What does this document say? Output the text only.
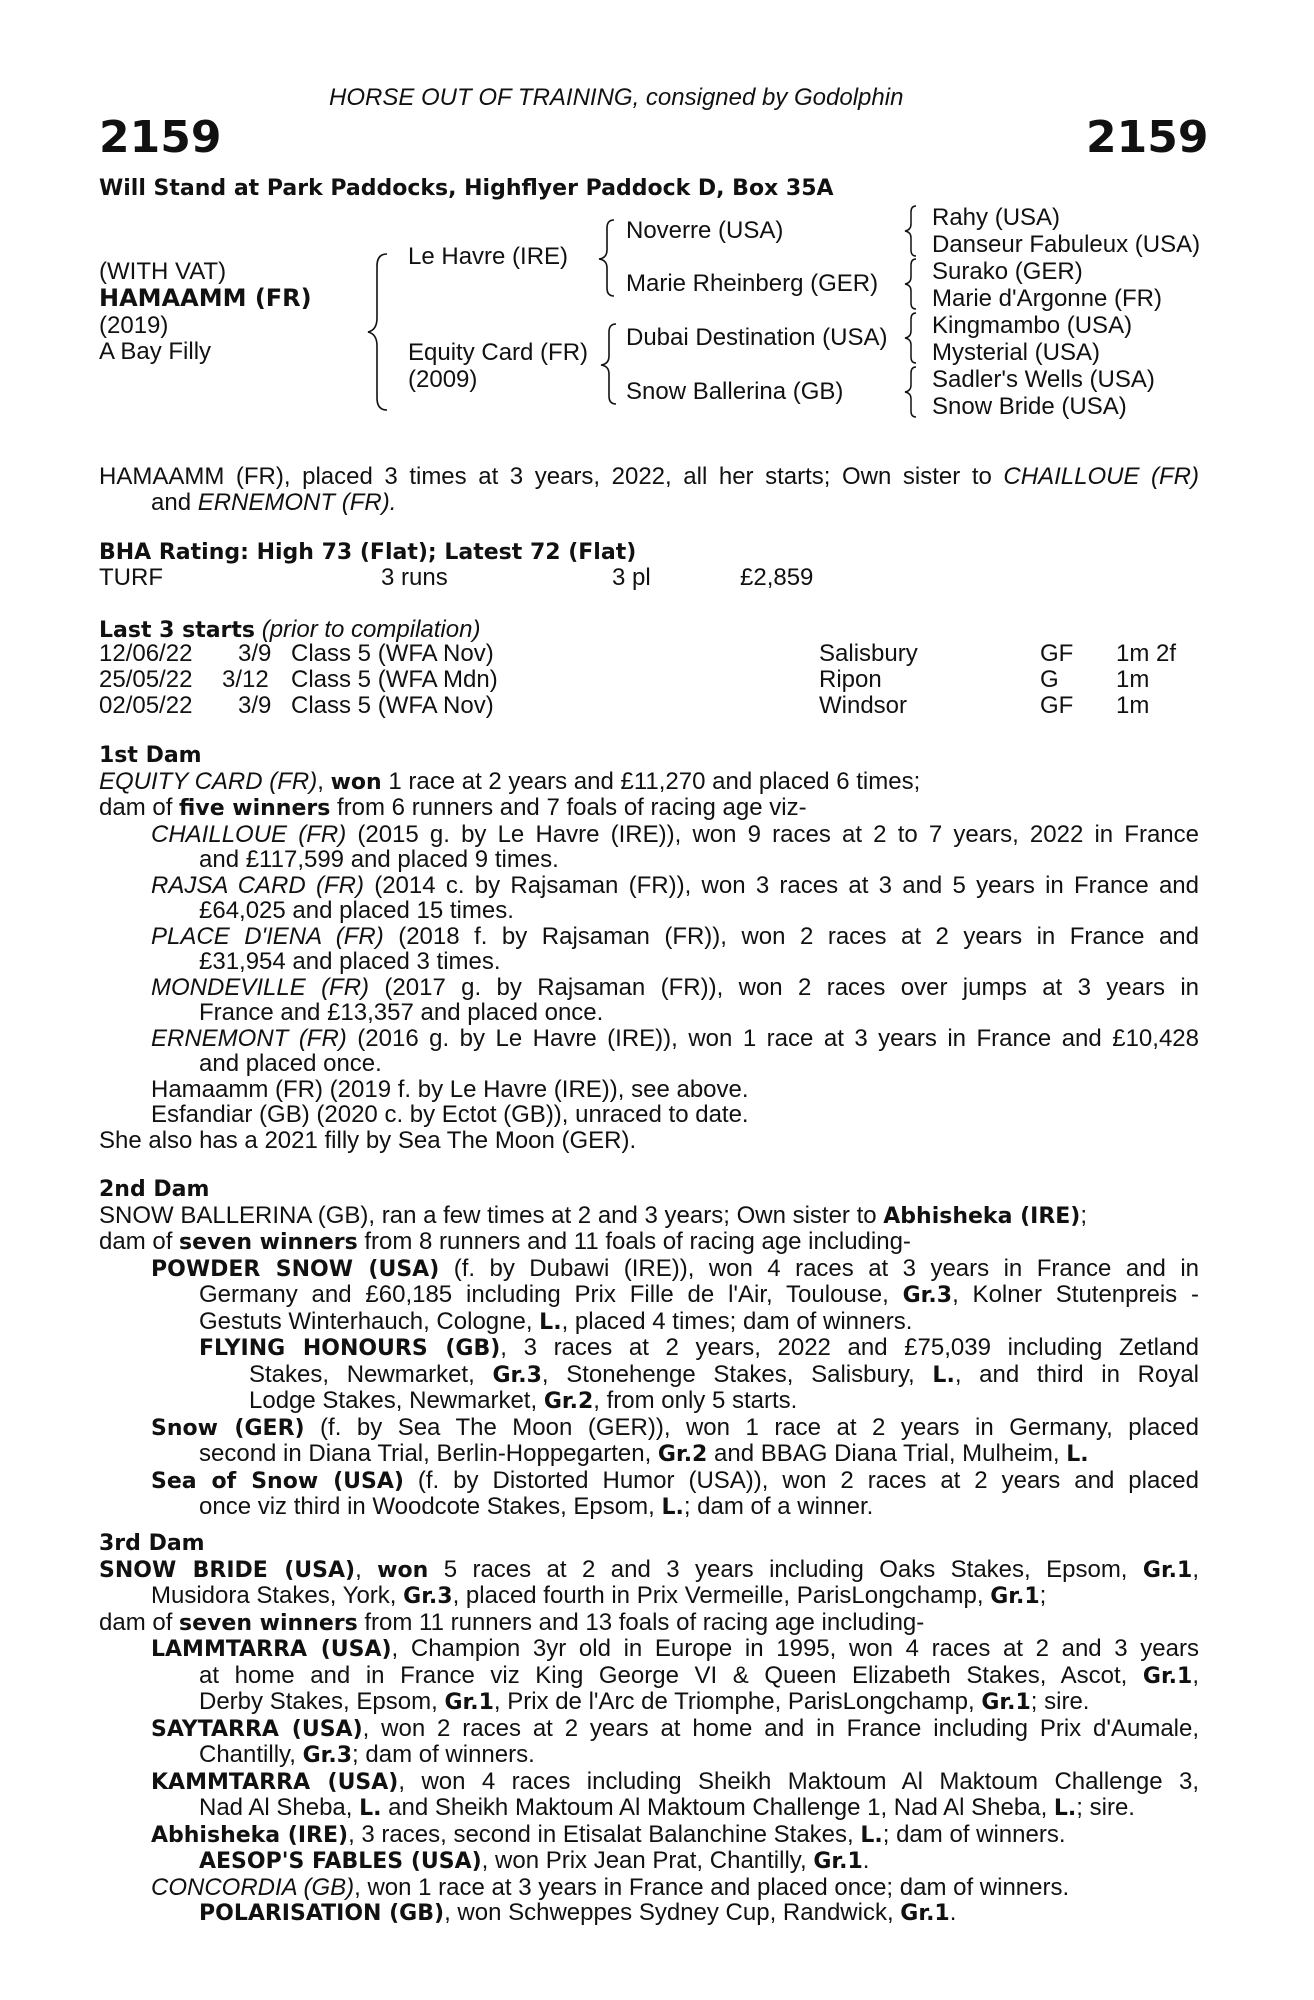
HORSE OUT OF TRAINING, consigned by Godolphin
2159	2159
Will Stand at Park Paddocks, Highflyer Paddock D, Box 35A
(WITH VAT)
HAMAAMM (FR)
(2019)
A Bay Filly
Le Havre (IRE)
Equity Card (FR)
(2009)
Noverre (USA)
Marie Rheinberg (GER)
Dubai Destination (USA)
Snow Ballerina (GB)
Rahy (USA)
Danseur Fabuleux (USA)
Surako (GER)
Marie d'Argonne (FR)
Kingmambo (USA)
Mysterial (USA)
Sadler's Wells (USA)
Snow Bride (USA)
HAMAAMM (FR), placed 3 times at 3 years, 2022, all her starts; Own sister to CHAILLOUE (FR)
and ERNEMONT (FR).
BHA Rating: High 73 (Flat); Latest 72 (Flat)
TURF	3 runs	3 pl	£2,859
Last 3 starts (prior to compilation)
12/06/22 3/9 Class 5 (WFA Nov)	Salisbury	GF 1m 2f
25/05/22 3/12 Class 5 (WFA Mdn)	Ripon	G 1m
02/05/22 3/9 Class 5 (WFA Nov)	Windsor	GF 1m
1st Dam
EQUITY CARD (FR), won 1 race at 2 years and £11,270 and placed 6 times;
dam of five winners from 6 runners and 7 foals of racing age viz-
CHAILLOUE (FR) (2015 g. by Le Havre (IRE)), won 9 races at 2 to 7 years, 2022 in France
and £117,599 and placed 9 times.
RAJSA CARD (FR) (2014 c. by Rajsaman (FR)), won 3 races at 3 and 5 years in France and
£64,025 and placed 15 times.
PLACE D'IENA (FR) (2018 f. by Rajsaman (FR)), won 2 races at 2 years in France and
£31,954 and placed 3 times.
MONDEVILLE (FR) (2017 g. by Rajsaman (FR)), won 2 races over jumps at 3 years in
France and £13,357 and placed once.
ERNEMONT (FR) (2016 g. by Le Havre (IRE)), won 1 race at 3 years in France and £10,428
and placed once.
Hamaamm (FR) (2019 f. by Le Havre (IRE)), see above.
Esfandiar (GB) (2020 c. by Ectot (GB)), unraced to date.
She also has a 2021 filly by Sea The Moon (GER).
2nd Dam
SNOW BALLERINA (GB), ran a few times at 2 and 3 years; Own sister to Abhisheka (IRE);
dam of seven winners from 8 runners and 11 foals of racing age including-
POWDER SNOW (USA) (f. by Dubawi (IRE)), won 4 races at 3 years in France and in
Germany and £60,185 including Prix Fille de l'Air, Toulouse, Gr.3, Kolner Stutenpreis -
Gestuts Winterhauch, Cologne, L., placed 4 times; dam of winners.
FLYING HONOURS (GB), 3 races at 2 years, 2022 and £75,039 including Zetland
Stakes, Newmarket, Gr.3, Stonehenge Stakes, Salisbury, L., and third in Royal
Lodge Stakes, Newmarket, Gr.2, from only 5 starts.
Snow (GER) (f. by Sea The Moon (GER)), won 1 race at 2 years in Germany, placed
second in Diana Trial, Berlin-Hoppegarten, Gr.2 and BBAG Diana Trial, Mulheim, L.
Sea of Snow (USA) (f. by Distorted Humor (USA)), won 2 races at 2 years and placed
once viz third in Woodcote Stakes, Epsom, L.; dam of a winner.
3rd Dam
SNOW BRIDE (USA), won 5 races at 2 and 3 years including Oaks Stakes, Epsom, Gr.1,
Musidora Stakes, York, Gr.3, placed fourth in Prix Vermeille, ParisLongchamp, Gr.1;
dam of seven winners from 11 runners and 13 foals of racing age including-
LAMMTARRA (USA), Champion 3yr old in Europe in 1995, won 4 races at 2 and 3 years
at home and in France viz King George VI & Queen Elizabeth Stakes, Ascot, Gr.1,
Derby Stakes, Epsom, Gr.1, Prix de l'Arc de Triomphe, ParisLongchamp, Gr.1; sire.
SAYTARRA (USA), won 2 races at 2 years at home and in France including Prix d'Aumale,
Chantilly, Gr.3; dam of winners.
KAMMTARRA (USA), won 4 races including Sheikh Maktoum Al Maktoum Challenge 3,
Nad Al Sheba, L. and Sheikh Maktoum Al Maktoum Challenge 1, Nad Al Sheba, L.; sire.
Abhisheka (IRE), 3 races, second in Etisalat Balanchine Stakes, L.; dam of winners.
AESOP'S FABLES (USA), won Prix Jean Prat, Chantilly, Gr.1.
CONCORDIA (GB), won 1 race at 3 years in France and placed once; dam of winners.
POLARISATION (GB), won Schweppes Sydney Cup, Randwick, Gr.1.
